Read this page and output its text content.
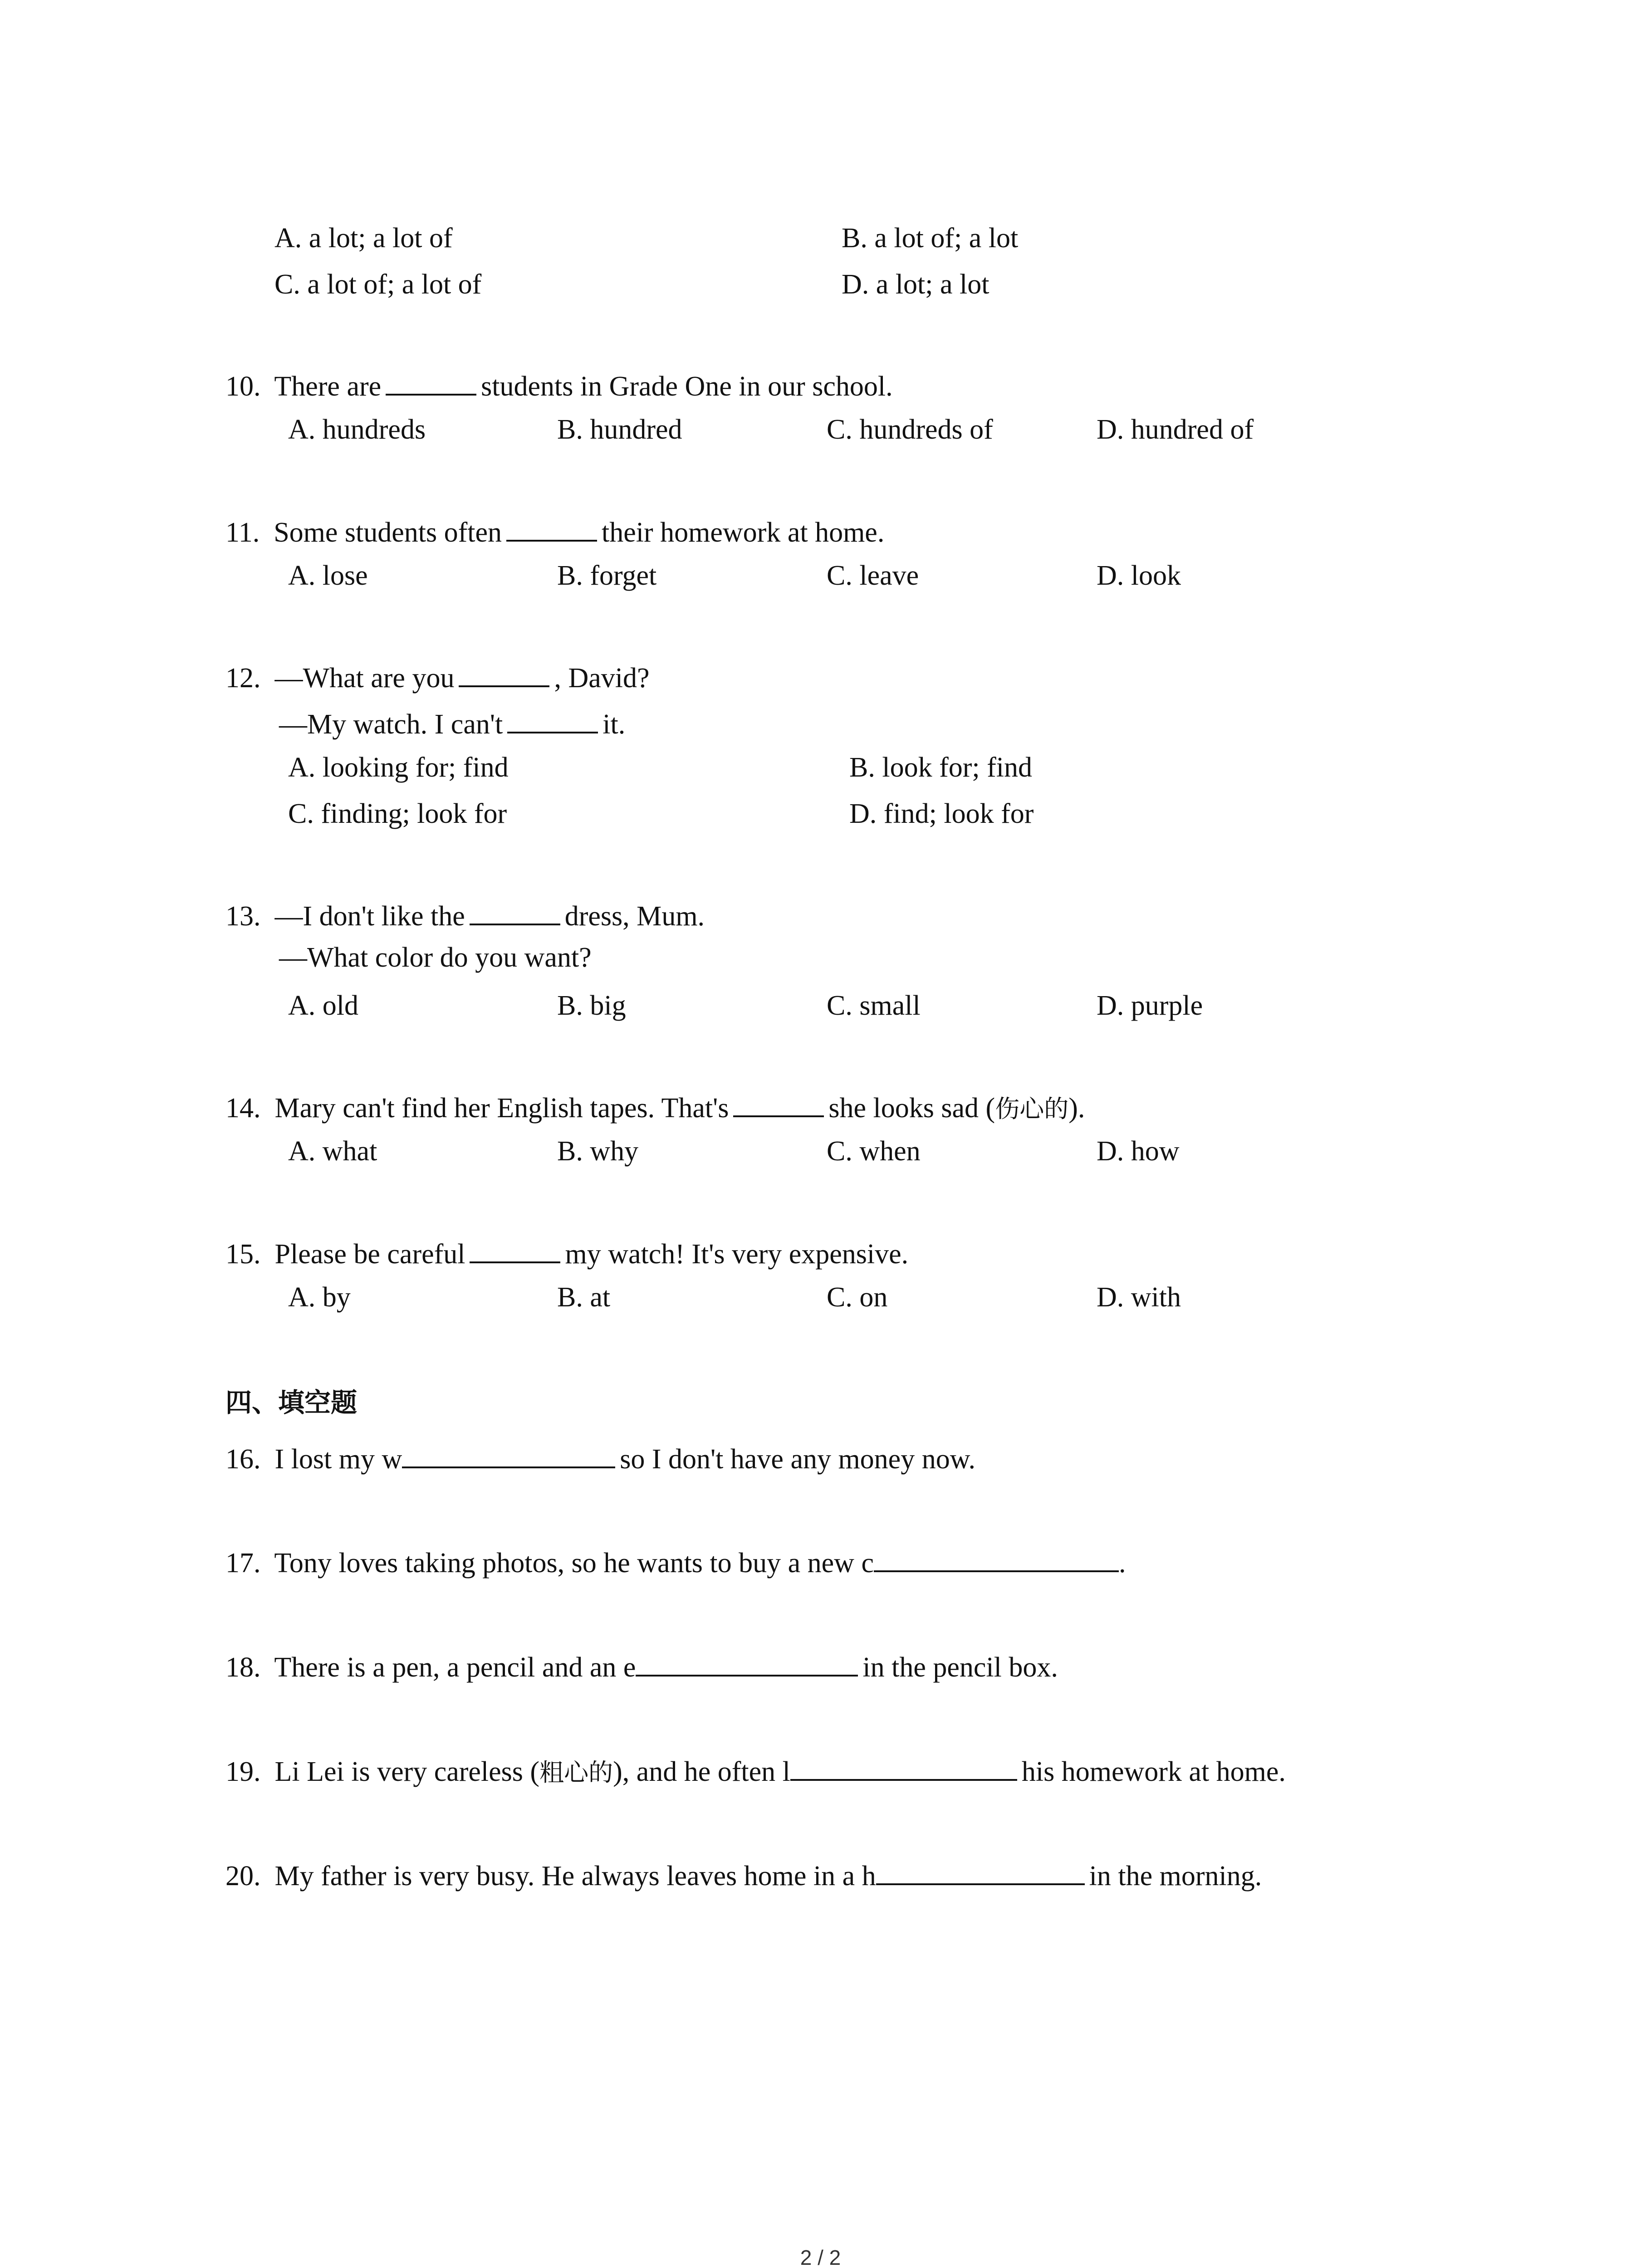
A. a lot; a lot of	B. a lot of; a lot
C. a lot of; a lot of	D. a lot; a lot
10. There are	students in Grade One in our school.
A. hundreds	B. hundred	C. hundreds of	D. hundred of
11. Some students often	their homework at home.
A. lose	B. forget	C. leave	D. look
12. —What are you	, David?
—My watch. I can't	it.
A. looking for; find	B. look for; find
C. finding; look for	D. find; look for
13. —I don't like the	dress, Mum.
—What color do you want?
A. old	B. big	C. small	D. purple
14. Mary can't find her English tapes. That's	she looks sad (伤心的).
A. what	B. why	C. when	D. how
15. Please be careful	my watch! It's very expensive.
A. by	B. at	C. on	D. with
四、填空题
16. I lost my w	so I don't have any money now.
17. Tony loves taking photos, so he wants to buy a new c	.
18. There is a pen, a pencil and an e	in the pencil box.
19. Li Lei is very careless (粗心的), and he often l	his homework at home.
20. My father is very busy. He always leaves home in a h	in the morning.
2 / 2
